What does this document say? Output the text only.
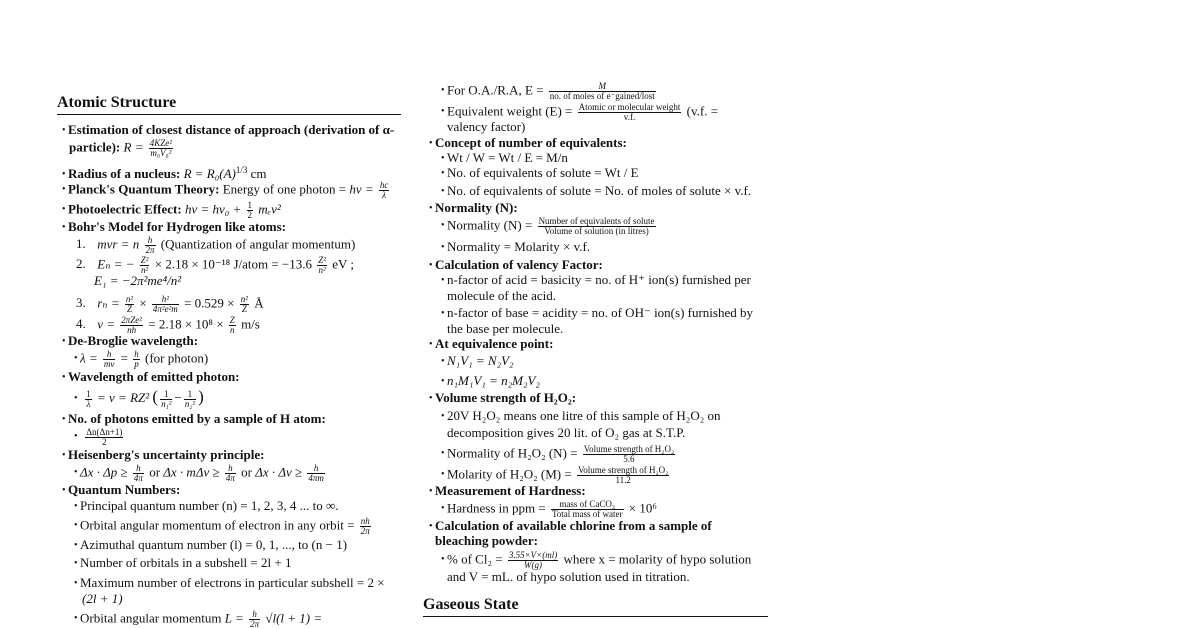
Atomic Structure
• Estimation of closest distance of approach (derivation of α-
particle): $R = \frac{\text{4KZe²}}{\text{m₀V₀²}}$
• Radius of a nucleus: $R = R_0(A)^{1/3}$ cm
• Planck's Quantum Theory: Energy of one photon = $h\nu = \frac{hc}{\lambda}$
• Photoelectric Effect: $h\nu = h\nu_0 + \frac{1}{2} m_ev^2$
• Bohr's Model for Hydrogen like atoms:
1. mvr = n $\frac{h}{2\pi}$ (Quantization of angular momentum)
2. Eₙ = − $\frac{\text{Z²}}{\text{n²}} \times 2.18 \times 10^{-18}$ J/atom = $-13.6 \frac{\text{Z²}}{\text{n²}}$ eV ;
E₁ = −2π²me⁴/n²
3. $r_n = \frac{\text{n²}}{Z} \times \frac{\text{h²}}{\text{4π²e²m}} = 0.529 \times \frac{\text{n²}}{Z}$ Å
4. $v = \frac{\text{2πZe²}}{nh} = 2.18 \times 10^8 \times \frac{Z}{n} m/s$
• De-Broglie wavelength:
• $\lambda = \frac{h}{mv} = \frac{h}{p} (for$ photon)
• Wavelength of emitted photon:
• $\frac{1}{\lambda} = \nu = RZ^2$ ( $\frac{1}{\text{n₁²}} - \frac{1}{\text{n₂²}}$ )
• No. of photons emitted by a sample of H atom:
• $\frac{\Delta n(\Delta n+1)}{2}$
• Heisenberg's uncertainty principle:
• $\Delta x \cdot \Delta p \ge \frac{h}{4\pi}$ or $\Delta x \cdot m\Delta v \ge \frac{h}{4\pi}$ or $\Delta x \cdot \Delta v \ge \frac{h}{4\pi m}$
• Quantum Numbers:
• Principal quantum number (n) = 1, 2, 3, 4 ... to ∞.
• Orbital angular momentum of electron in any orbit = $\frac{nh}{2\pi}$
• Azimuthal quantum number (l) = 0, 1, ..., to (n − 1)
• Number of orbitals in a subshell = 2l + 1
• Maximum number of electrons in particular subshell = 2 ×
(2l + 1)
• Orbital angular momentum $L = \frac{h}{2\pi} √l(l + 1)$ =
• For O.A./R.A, $E = \frac{M}{\text{no. of moles of e⁻gained/lost}}$
• Equivalent weight $(E) = \frac{\text{Atomic or molecular weight}}{v.f.} (v.f$. =
valency factor)
• Concept of number of equivalents:
• Wt / W = Wt / E = M/n
• No. of equivalents of solute = Wt / E
• No. of equivalents of solute = No. of moles of solute × v.f.
• Normality (N):
• Normality $(N) = \frac{\text{Number of equivalents of solute}}{\text{Volume of solution (in litres)}}$
• Normality = Molarity × v.f.
• Calculation of valency Factor:
• n-factor of acid = basicity = no. of H⁺ ion(s) furnished per
molecule of the acid.
• n-factor of base = acidity = no. of OH⁻ ion(s) furnished by
the base per molecule.
• At equivalence point:
• N₁V₁ = N₂V₂
• n₁M₁V₁ = n₂M₂V₂
• Volume strength of H₂O₂:
• 20V H₂O₂ means one litre of this sample of H₂O₂ on
decomposition gives 20 lit. of O₂ gas at S.T.P.
• Normality of H₂O₂ $(N) = \frac{\text{Volume strength of H₂O₂}}{5.6}$
• Molarity of H₂O₂ $(M) = \frac{\text{Volume strength of H₂O₂}}{11.2}$
• Measurement of Hardness:
• Hardness in ppm = $\frac{\text{mass of CaCO₃}}{\text{Total mass of water}} \times 10^6$
• Calculation of available chlorine from a sample of
bleaching powder:
• % of $Cl_2 = \frac{3.55\times V\times(ml)}{W(g)}$ where x = molarity of hypo solution
and V = mL. of hypo solution used in titration.
Gaseous State
